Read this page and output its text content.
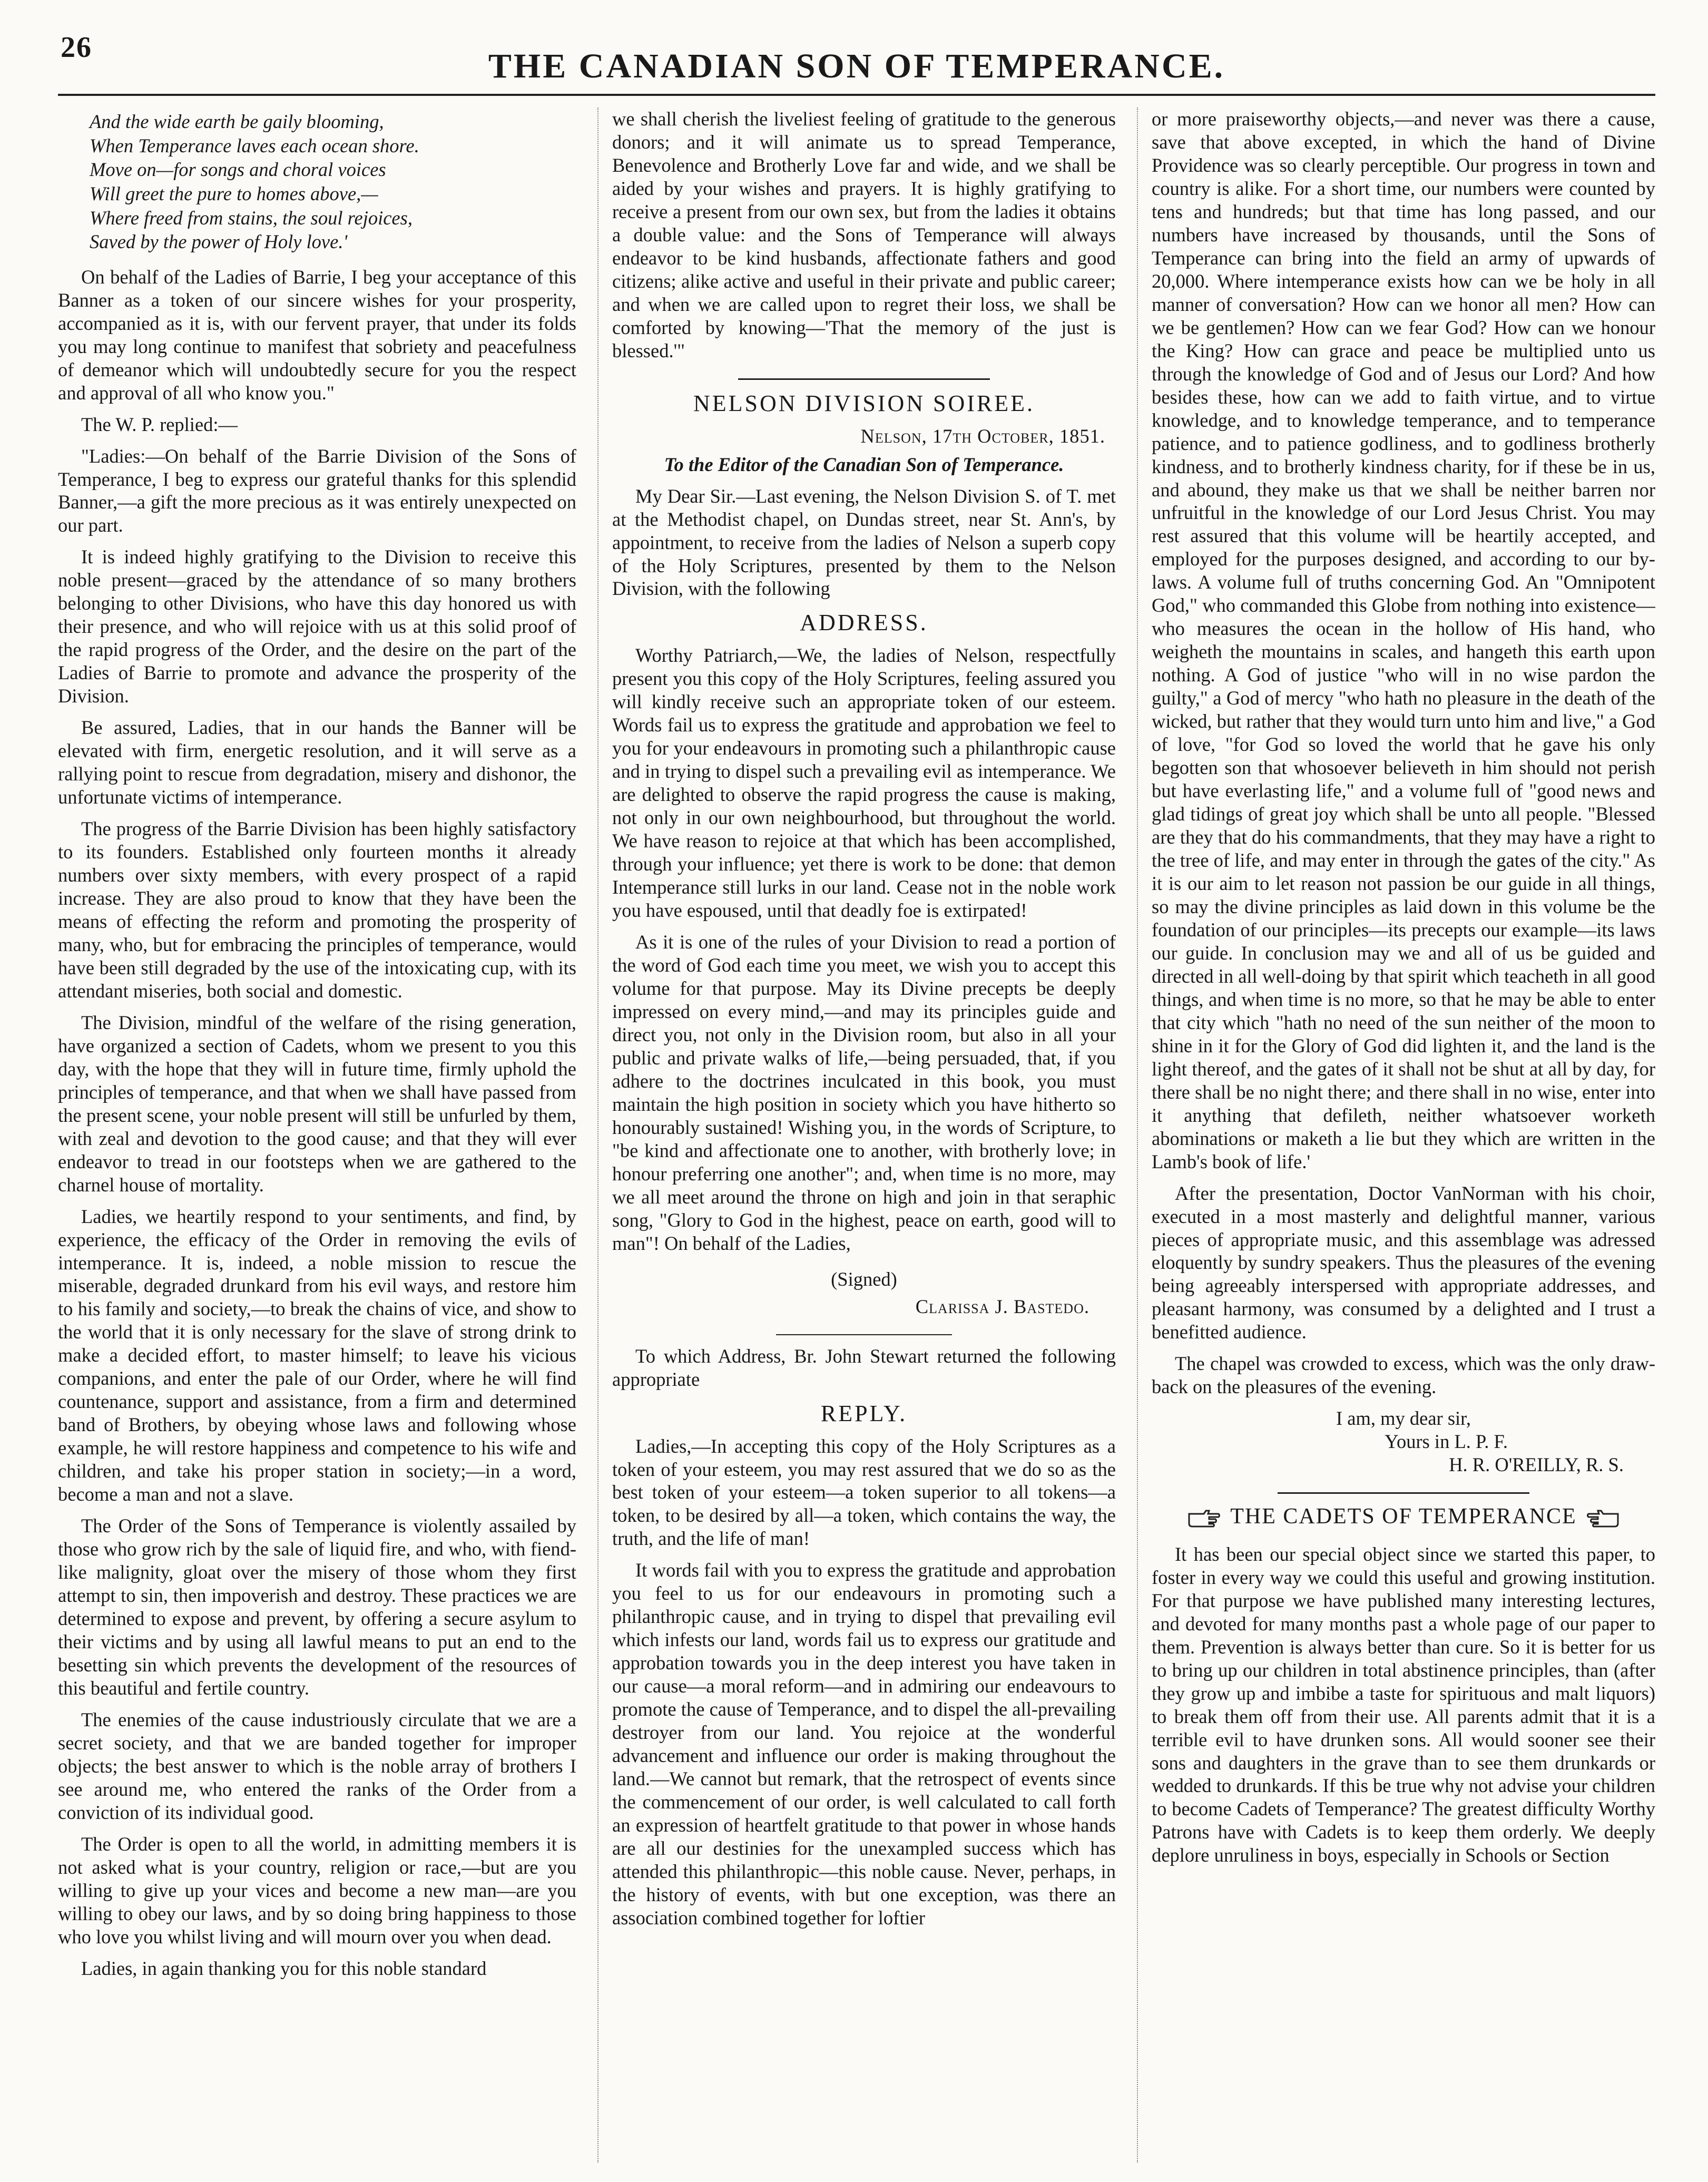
26	THE CANADIAN SON OF TEMPERANCE.
And the wide earth be gaily blooming,
When Temperance laves each ocean shore.
Move on—for songs and choral voices
Will greet the pure to homes above,—
Where freed from stains, the soul rejoices,
Saved by the power of Holy love.'

On behalf of the Ladies of Barrie, I beg your acceptance of this Banner as a token of our sincere wishes for your prosperity, accompanied as it is, with our fervent prayer, that under its folds you may long continue to manifest that sobriety and peacefulness of demeanor which will undoubtedly secure for you the respect and approval of all who know you."

The W. P. replied:—

"Ladies:—On behalf of the Barrie Division of the Sons of Temperance, I beg to express our grateful thanks for this splendid Banner,—a gift the more precious as it was entirely unexpected on our part.

It is indeed highly gratifying to the Division to receive this noble present—graced by the attendance of so many brothers belonging to other Divisions, who have this day honored us with their presence, and who will rejoice with us at this solid proof of the rapid progress of the Order, and the desire on the part of the Ladies of Barrie to promote and advance the prosperity of the Division.

Be assured, Ladies, that in our hands the Banner will be elevated with firm, energetic resolution, and it will serve as a rallying point to rescue from degradation, misery and dishonor, the unfortunate victims of intemperance.

The progress of the Barrie Division has been highly satisfactory to its founders. Established only fourteen months it already numbers over sixty members, with every prospect of a rapid increase. They are also proud to know that they have been the means of effecting the reform and promoting the prosperity of many, who, but for embracing the principles of temperance, would have been still degraded by the use of the intoxicating cup, with its attendant miseries, both social and domestic.

The Division, mindful of the welfare of the rising generation, have organized a section of Cadets, whom we present to you this day, with the hope that they will in future time, firmly uphold the principles of temperance, and that when we shall have passed from the present scene, your noble present will still be unfurled by them, with zeal and devotion to the good cause; and that they will ever endeavor to tread in our footsteps when we are gathered to the charnel house of mortality.

Ladies, we heartily respond to your sentiments, and find, by experience, the efficacy of the Order in removing the evils of intemperance. It is, indeed, a noble mission to rescue the miserable, degraded drunkard from his evil ways, and restore him to his family and society,—to break the chains of vice, and show to the world that it is only necessary for the slave of strong drink to make a decided effort, to master himself; to leave his vicious companions, and enter the pale of our Order, where he will find countenance, support and assistance, from a firm and determined band of Brothers, by obeying whose laws and following whose example, he will restore happiness and competence to his wife and children, and take his proper station in society;—in a word, become a man and not a slave.

The Order of the Sons of Temperance is violently assailed by those who grow rich by the sale of liquid fire, and who, with fiend-like malignity, gloat over the misery of those whom they first attempt to sin, then impoverish and destroy. These practices we are determined to expose and prevent, by offering a secure asylum to their victims and by using all lawful means to put an end to the besetting sin which prevents the development of the resources of this beautiful and fertile country.

The enemies of the cause industriously circulate that we are a secret society, and that we are banded together for improper objects; the best answer to which is the noble array of brothers I see around me, who entered the ranks of the Order from a conviction of its individual good.

The Order is open to all the world, in admitting members it is not asked what is your country, religion or race,—but are you willing to give up your vices and become a new man—are you willing to obey our laws, and by so doing bring happiness to those who love you whilst living and will mourn over you when dead.

Ladies, in again thanking you for this noble standard

we shall cherish the liveliest feeling of gratitude to the generous donors; and it will animate us to spread Temperance, Benevolence and Brotherly Love far and wide, and we shall be aided by your wishes and prayers. It is highly gratifying to receive a present from our own sex, but from the ladies it obtains a double value: and the Sons of Temperance will always endeavor to be kind husbands, affectionate fathers and good citizens; alike active and useful in their private and public career; and when we are called upon to regret their loss, we shall be comforted by knowing—'That the memory of the just is blessed.'"

NELSON DIVISION SOIREE.

Nelson, 17th October, 1851.

To the Editor of the Canadian Son of Temperance.

My Dear Sir.—Last evening, the Nelson Division S. of T. met at the Methodist chapel, on Dundas street, near St. Ann's, by appointment, to receive from the ladies of Nelson a superb copy of the Holy Scriptures, presented by them to the Nelson Division, with the following

ADDRESS.

Worthy Patriarch,—We, the ladies of Nelson, respectfully present you this copy of the Holy Scriptures, feeling assured you will kindly receive such an appropriate token of our esteem. Words fail us to express the gratitude and approbation we feel to you for your endeavours in promoting such a philanthropic cause and in trying to dispel such a prevailing evil as intemperance. We are delighted to observe the rapid progress the cause is making, not only in our own neighbourhood, but throughout the world. We have reason to rejoice at that which has been accomplished, through your influence; yet there is work to be done: that demon Intemperance still lurks in our land. Cease not in the noble work you have espoused, until that deadly foe is extirpated!

As it is one of the rules of your Division to read a portion of the word of God each time you meet, we wish you to accept this volume for that purpose. May its Divine precepts be deeply impressed on every mind,—and may its principles guide and direct you, not only in the Division room, but also in all your public and private walks of life,—being persuaded, that, if you adhere to the doctrines inculcated in this book, you must maintain the high position in society which you have hitherto so honourably sustained! Wishing you, in the words of Scripture, to "be kind and affectionate one to another, with brotherly love; in honour preferring one another"; and, when time is no more, may we all meet around the throne on high and join in that seraphic song, "Glory to God in the highest, peace on earth, good will to man"! On behalf of the Ladies,

(Signed)

Clarissa J. Bastedo.

To which Address, Br. John Stewart returned the following appropriate

REPLY.

Ladies,—In accepting this copy of the Holy Scriptures as a token of your esteem, you may rest assured that we do so as the best token of your esteem—a token superior to all tokens—a token, to be desired by all—a token, which contains the way, the truth, and the life of man!

It words fail with you to express the gratitude and approbation you feel to us for our endeavours in promoting such a philanthropic cause, and in trying to dispel that prevailing evil which infests our land, words fail us to express our gratitude and approbation towards you in the deep interest you have taken in our cause—a moral reform—and in admiring our endeavours to promote the cause of Temperance, and to dispel the all-prevailing destroyer from our land. You rejoice at the wonderful advancement and influence our order is making throughout the land.—We cannot but remark, that the retrospect of events since the commencement of our order, is well calculated to call forth an expression of heartfelt gratitude to that power in whose hands are all our destinies for the unexampled success which has attended this philanthropic—this noble cause. Never, perhaps, in the history of events, with but one exception, was there an association combined together for loftier

or more praiseworthy objects,—and never was there a cause, save that above excepted, in which the hand of Divine Providence was so clearly perceptible. Our progress in town and country is alike. For a short time, our numbers were counted by tens and hundreds; but that time has long passed, and our numbers have increased by thousands, until the Sons of Temperance can bring into the field an army of upwards of 20,000. Where intemperance exists how can we be holy in all manner of conversation? How can we honor all men? How can we be gentlemen? How can we fear God? How can we honour the King? How can grace and peace be multiplied unto us through the knowledge of God and of Jesus our Lord? And how besides these, how can we add to faith virtue, and to virtue knowledge, and to knowledge temperance, and to temperance patience, and to patience godliness, and to godliness brotherly kindness, and to brotherly kindness charity, for if these be in us, and abound, they make us that we shall be neither barren nor unfruitful in the knowledge of our Lord Jesus Christ. You may rest assured that this volume will be heartily accepted, and employed for the purposes designed, and according to our by-laws. A volume full of truths concerning God. An "Omnipotent God," who commanded this Globe from nothing into existence—who measures the ocean in the hollow of His hand, who weigheth the mountains in scales, and hangeth this earth upon nothing. A God of justice "who will in no wise pardon the guilty," a God of mercy "who hath no pleasure in the death of the wicked, but rather that they would turn unto him and live," a God of love, "for God so loved the world that he gave his only begotten son that whosoever believeth in him should not perish but have everlasting life," and a volume full of "good news and glad tidings of great joy which shall be unto all people. "Blessed are they that do his commandments, that they may have a right to the tree of life, and may enter in through the gates of the city." As it is our aim to let reason not passion be our guide in all things, so may the divine principles as laid down in this volume be the foundation of our principles—its precepts our example—its laws our guide. In conclusion may we and all of us be guided and directed in all well-doing by that spirit which teacheth in all good things, and when time is no more, so that he may be able to enter that city which "hath no need of the sun neither of the moon to shine in it for the Glory of God did lighten it, and the land is the light thereof, and the gates of it shall not be shut at all by day, for there shall be no night there; and there shall in no wise, enter into it anything that defileth, neither whatsoever worketh abominations or maketh a lie but they which are written in the Lamb's book of life.'

After the presentation, Doctor VanNorman with his choir, executed in a most masterly and delightful manner, various pieces of appropriate music, and this assemblage was adressed eloquently by sundry speakers. Thus the pleasures of the evening being agreeably interspersed with appropriate addresses, and pleasant harmony, was consumed by a delighted and I trust a benefitted audience.

The chapel was crowded to excess, which was the only draw-back on the pleasures of the evening.

I am, my dear sir,
Yours in L. P. F.
H. R. O'REILLY, R. S.
THE CADETS OF TEMPERANCE

It has been our special object since we started this paper, to foster in every way we could this useful and growing institution. For that purpose we have published many interesting lectures, and devoted for many months past a whole page of our paper to them. Prevention is always better than cure. So it is better for us to bring up our children in total abstinence principles, than (after they grow up and imbibe a taste for spirituous and malt liquors) to break them off from their use. All parents admit that it is a terrible evil to have drunken sons. All would sooner see their sons and daughters in the grave than to see them drunkards or wedded to drunkards. If this be true why not advise your children to become Cadets of Temperance? The greatest difficulty Worthy Patrons have with Cadets is to keep them orderly. We deeply deplore unruliness in boys, especially in Schools or Section
